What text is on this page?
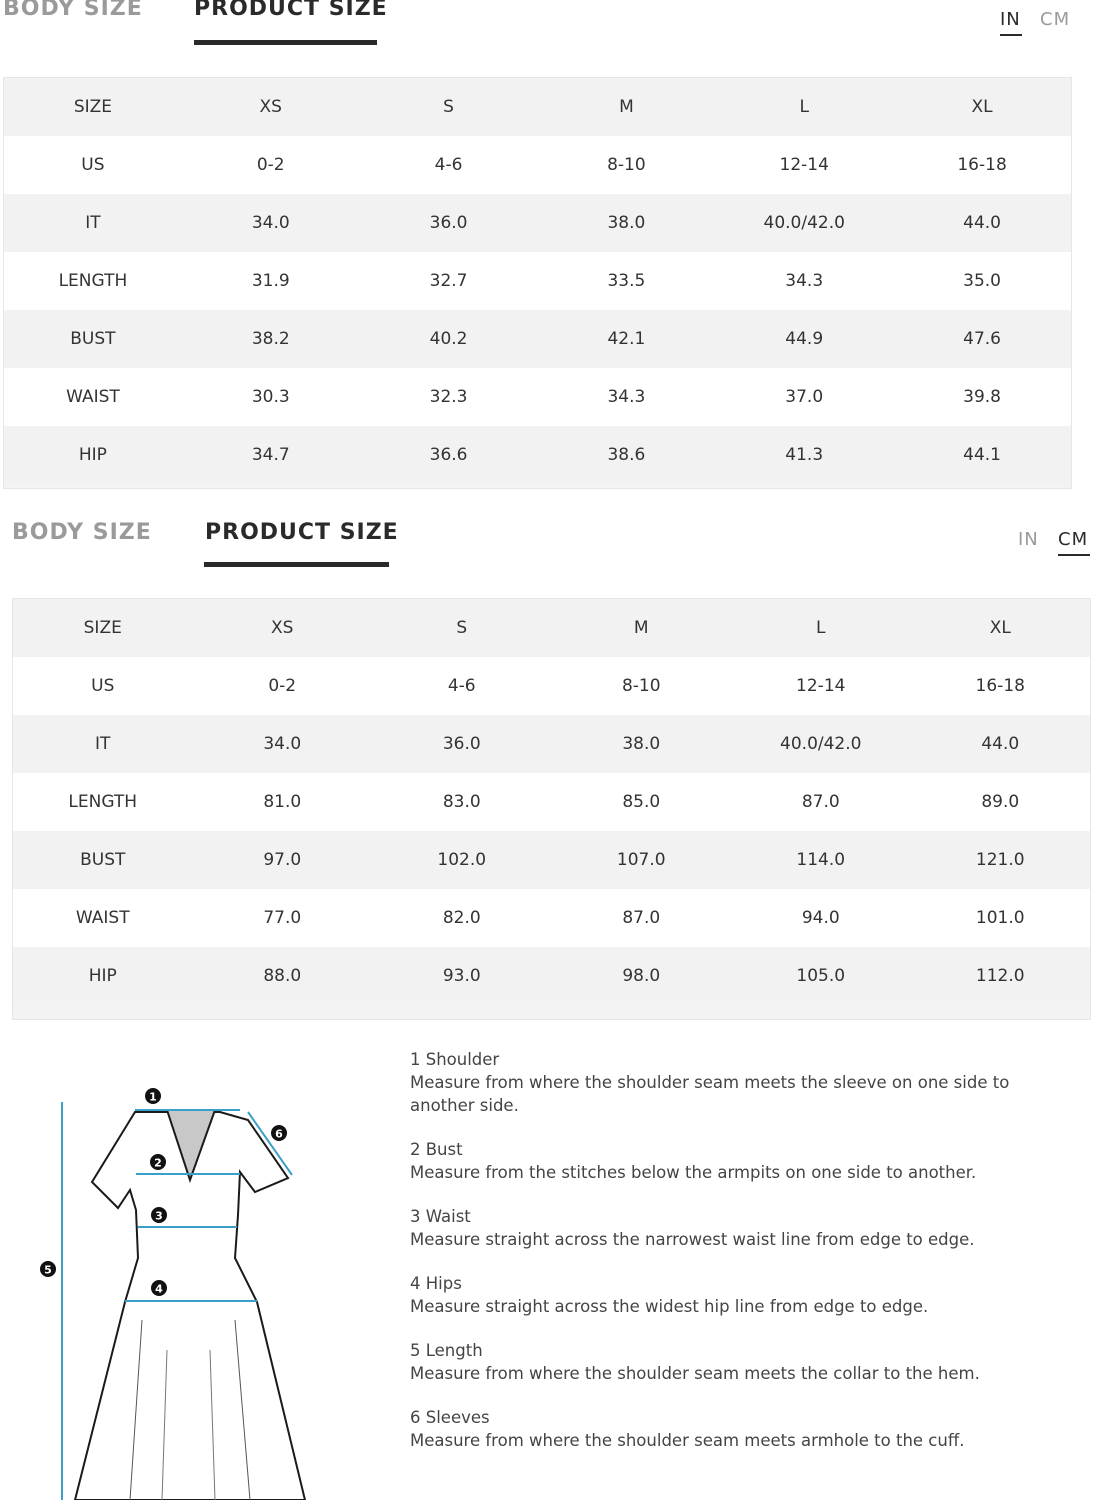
BODY SIZE PRODUCT SIZE	IN CM
SIZE	XS	S	M	L	XL
US	0-2	4-6	8-10	12-14	16-18
IT	34.0	36.0	38.0	40.0/42.0	44.0
LENGTH	31.9	32.7	33.5	34.3	35.0
BUST	38.2	40.2	42.1	44.9	47.6
WAIST	30.3	32.3	34.3	37.0	39.8
HIP	34.7	36.6	38.6	41.3	44.1
BODY SIZE PRODUCT SIZE	IN CM
SIZE	XS	S	M	L	XL
US	0-2	4-6	8-10	12-14	16-18
IT	34.0	36.0	38.0	40.0/42.0	44.0
LENGTH	81.0	83.0	85.0	87.0	89.0
BUST	97.0	102.0	107.0	114.0	121.0
WAIST	77.0	82.0	87.0	94.0	101.0
HIP	88.0	93.0	98.0	105.0	112.0
1
2
3
4
5
6
1 Shoulder
Measure from where the shoulder seam meets the sleeve on one side to another side.
2 Bust
Measure from the stitches below the armpits on one side to another.
3 Waist
Measure straight across the narrowest waist line from edge to edge.
4 Hips
Measure straight across the widest hip line from edge to edge.
5 Length
Measure from where the shoulder seam meets the collar to the hem.
6 Sleeves
Measure from where the shoulder seam meets armhole to the cuff.
